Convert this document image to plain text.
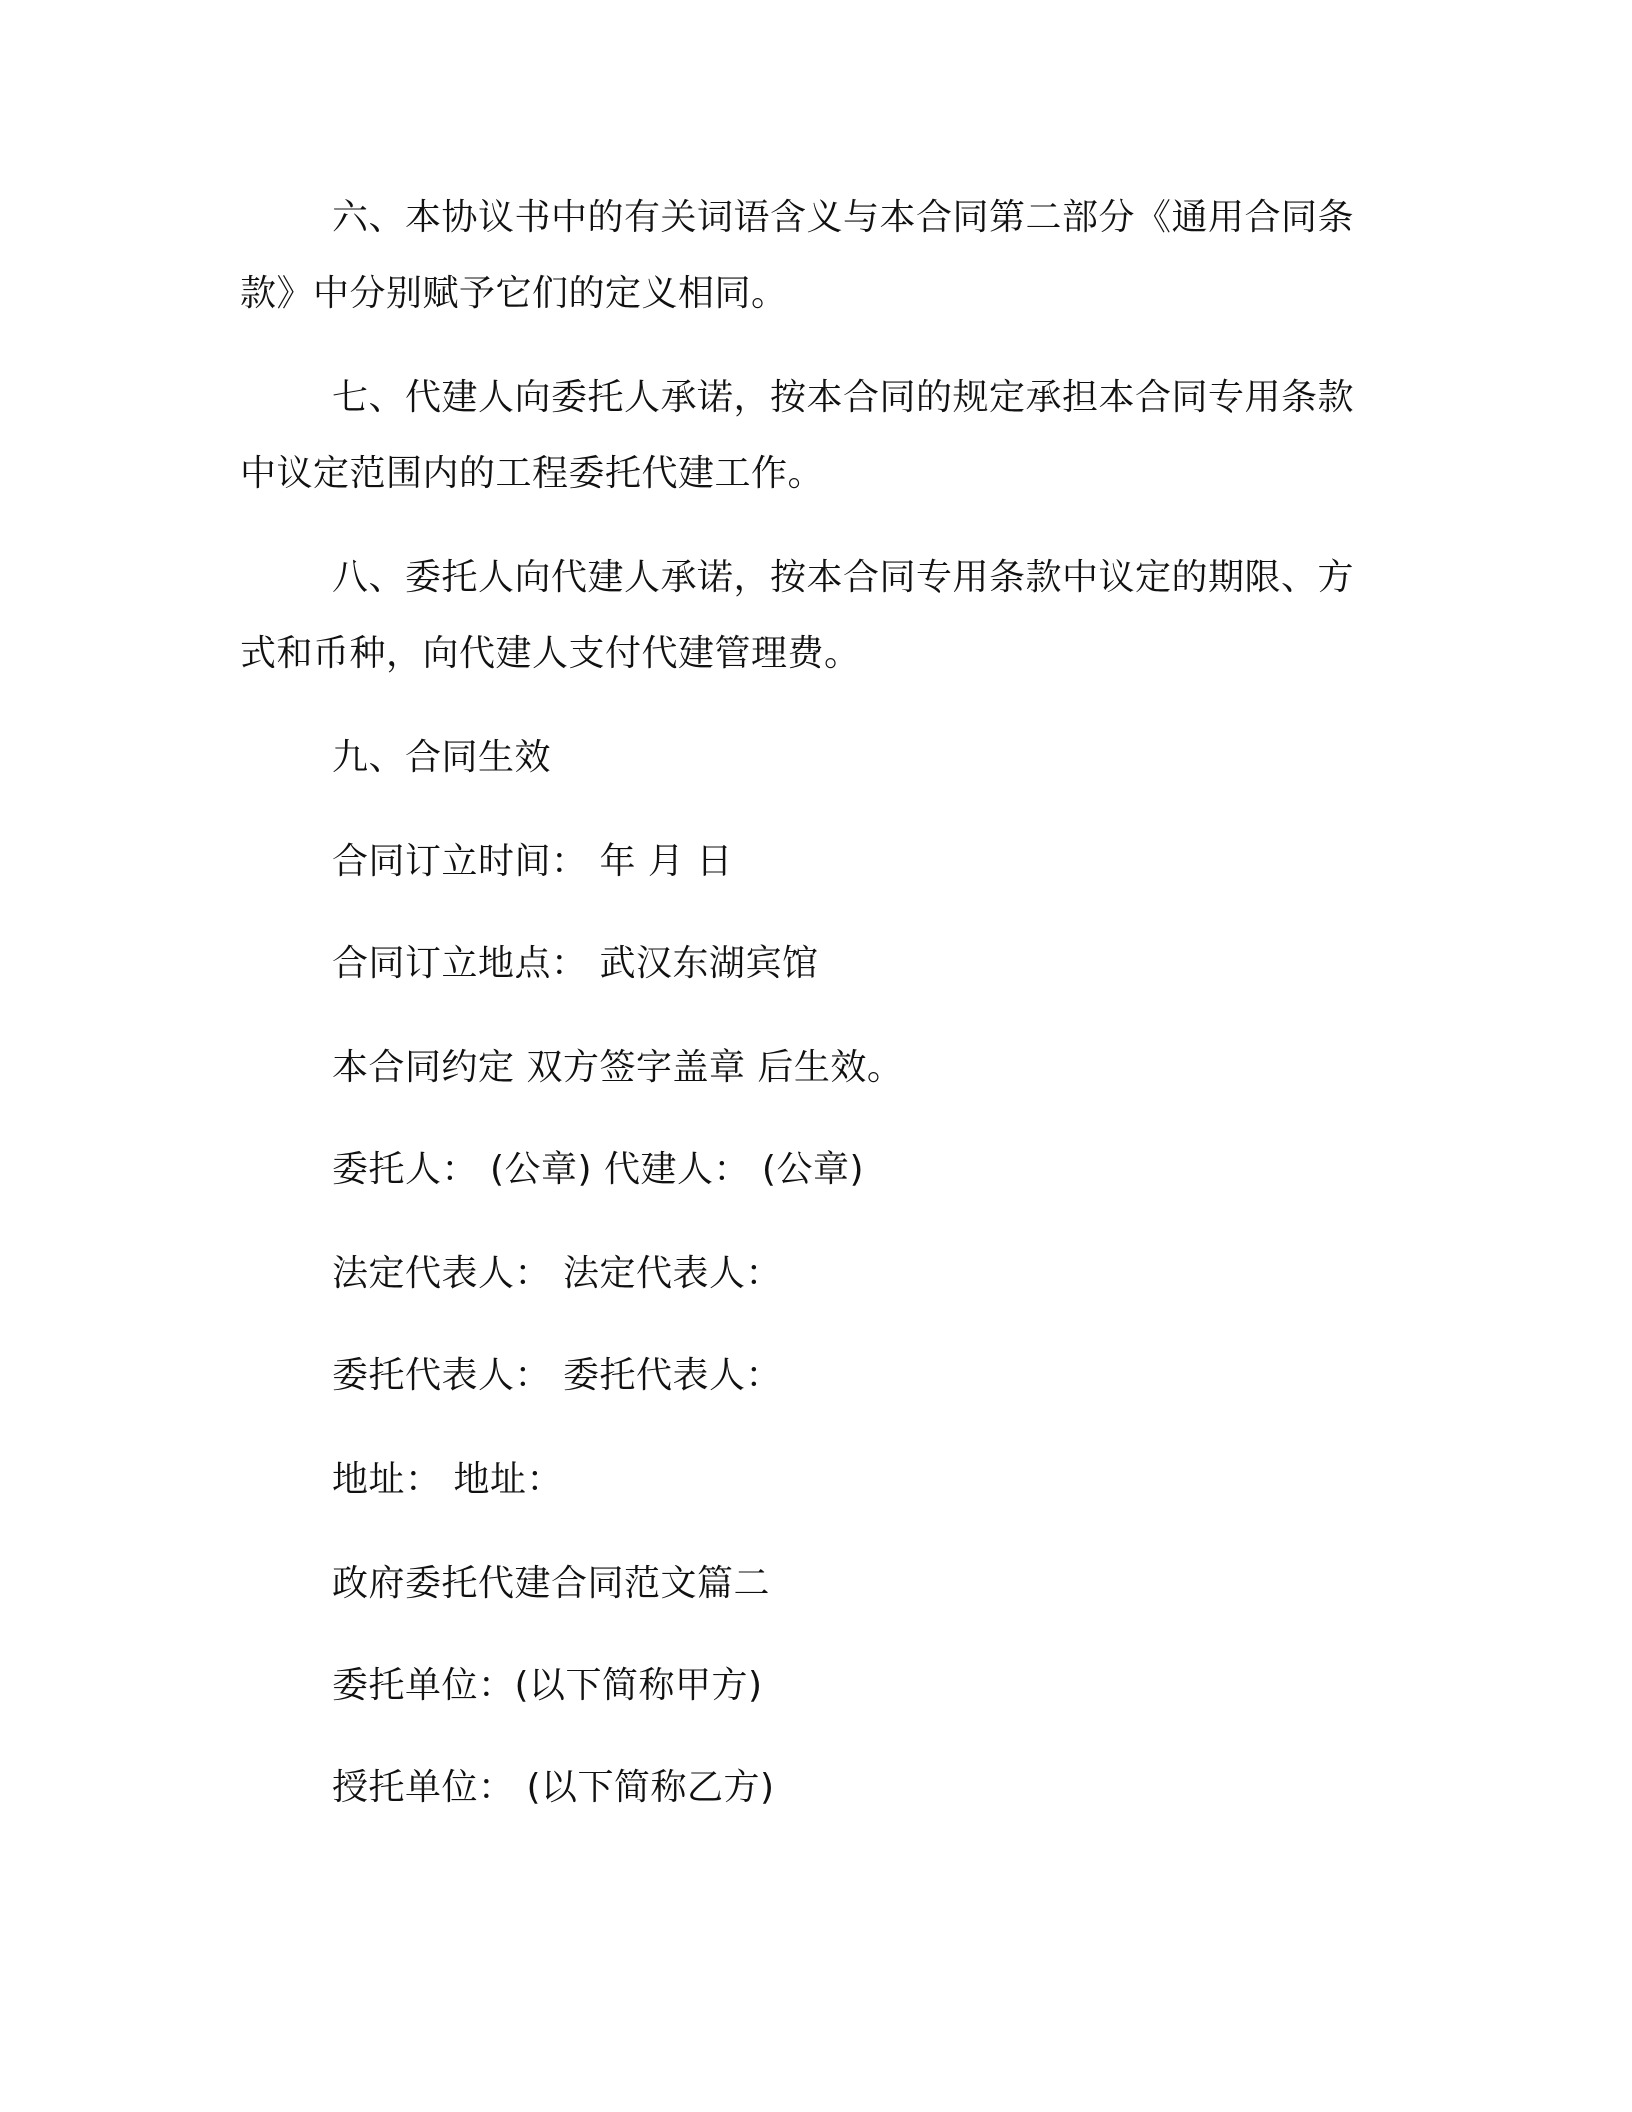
六、本协议书中的有关词语含义与本合同第二部分《通用合同条
款》中分别赋予它们的定义相同。
七、代建人向委托人承诺，按本合同的规定承担本合同专用条款
中议定范围内的工程委托代建工作。
八、委托人向代建人承诺，按本合同专用条款中议定的期限、方
式和币种，向代建人支付代建管理费。
九、合同生效
合同订立时间： 年 月 日
合同订立地点： 武汉东湖宾馆
本合同约定 双方签字盖章 后生效。
委托人： (公章) 代建人： (公章)
法定代表人： 法定代表人：
委托代表人： 委托代表人：
地址： 地址：
政府委托代建合同范文篇二
委托单位：(以下简称甲方)
授托单位： (以下简称乙方)
